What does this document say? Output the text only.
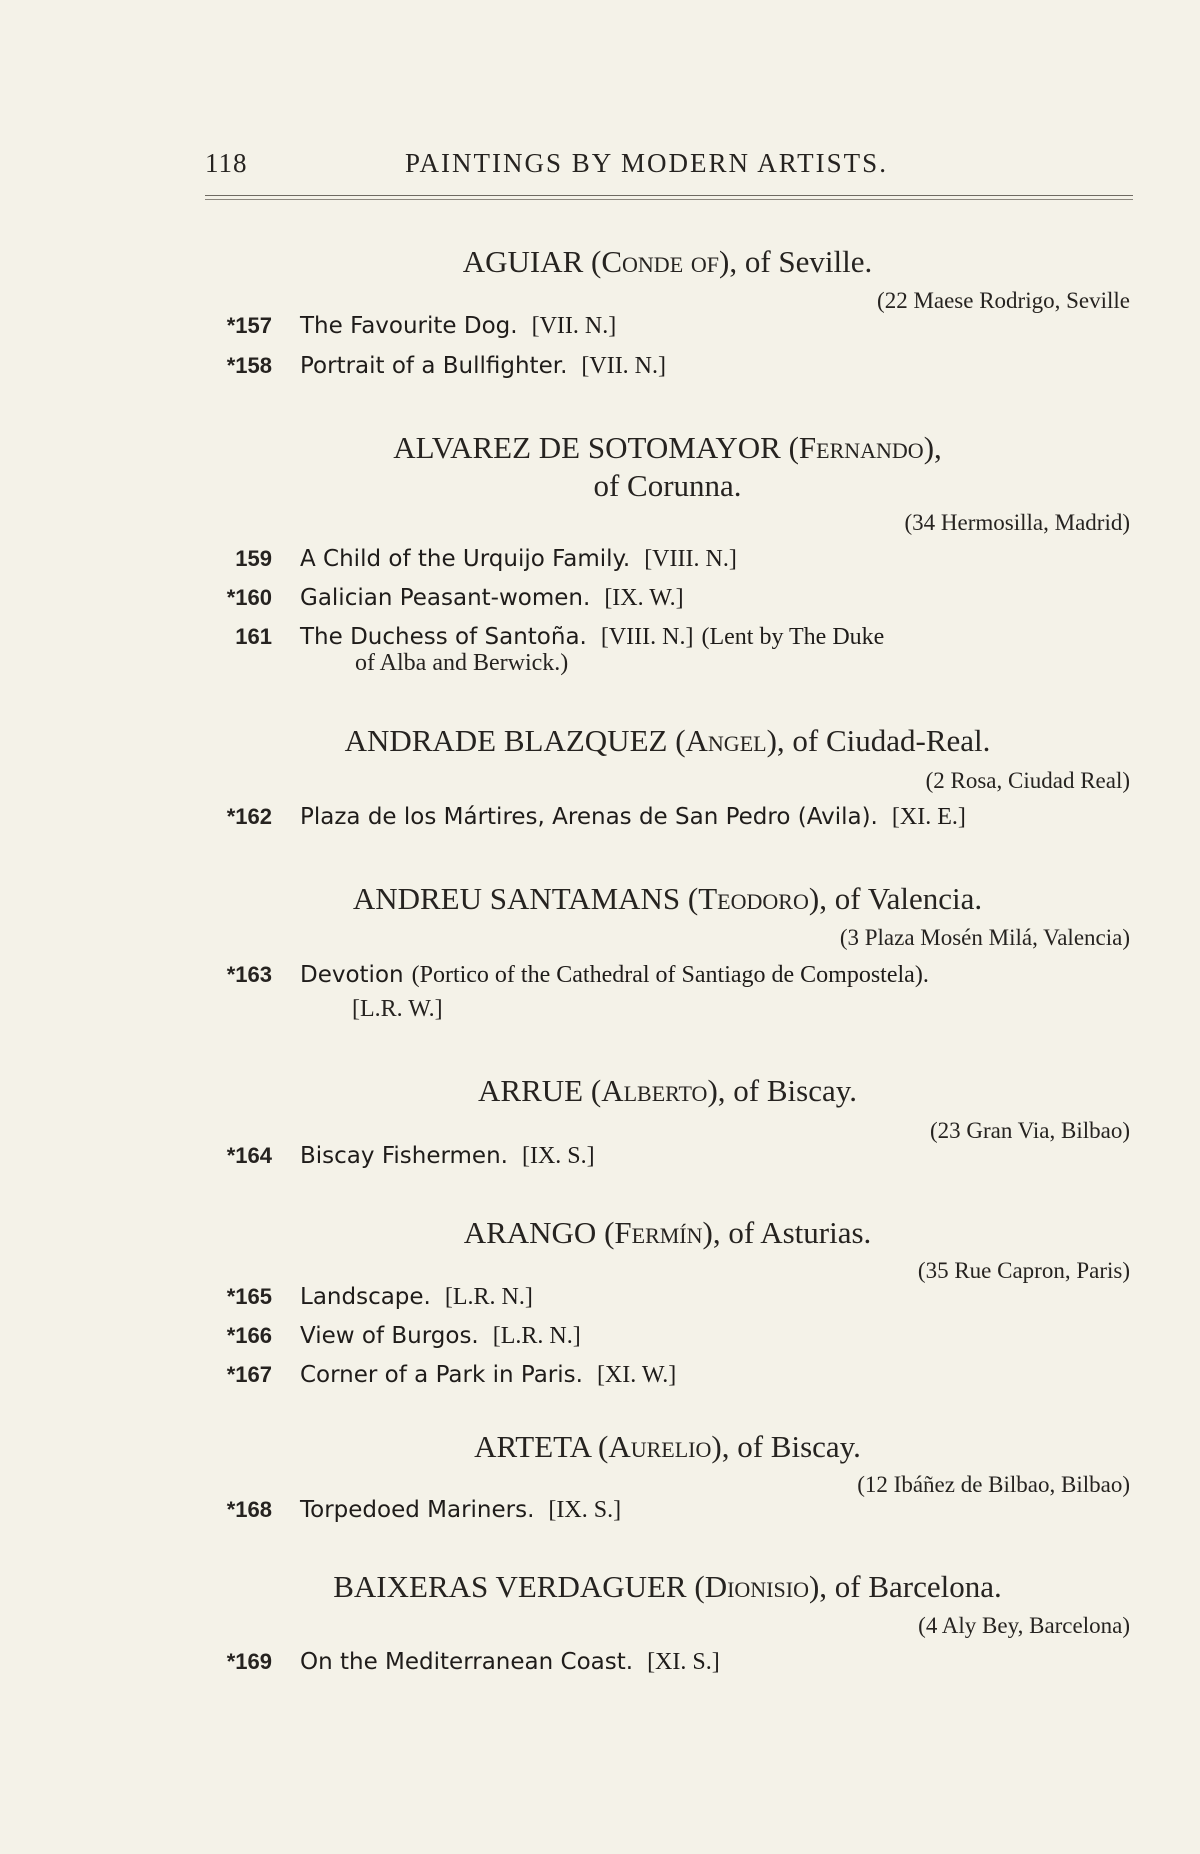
118	PAINTINGS BY MODERN ARTISTS.
AGUIAR (Conde of), of Seville.
(22 Maese Rodrigo, Seville
*157 The Favourite Dog. [VII. N.]
*158 Portrait of a Bullfighter. [VII. N.]
ALVAREZ DE SOTOMAYOR (Fernando),
of Corunna.
(34 Hermosilla, Madrid)
159 A Child of the Urquijo Family. [VIII. N.]
*160 Galician Peasant-women. [IX. W.]
161 The Duchess of Santoña. [VIII. N.] (Lent by The Duke
of Alba and Berwick.)
ANDRADE BLAZQUEZ (Angel), of Ciudad-Real.
(2 Rosa, Ciudad Real)
*162 Plaza de los Mártires, Arenas de San Pedro (Avila). [XI. E.]
ANDREU SANTAMANS (Teodoro), of Valencia.
(3 Plaza Mosén Milá, Valencia)
*163 Devotion (Portico of the Cathedral of Santiago de Compostela).
[L.R. W.]
ARRUE (Alberto), of Biscay.
(23 Gran Via, Bilbao)
*164 Biscay Fishermen. [IX. S.]
ARANGO (Fermín), of Asturias.
(35 Rue Capron, Paris)
*165 Landscape. [L.R. N.]
*166 View of Burgos. [L.R. N.]
*167 Corner of a Park in Paris. [XI. W.]
ARTETA (Aurelio), of Biscay.
(12 Ibáñez de Bilbao, Bilbao)
*168 Torpedoed Mariners. [IX. S.]
BAIXERAS VERDAGUER (Dionisio), of Barcelona.
(4 Aly Bey, Barcelona)
*169 On the Mediterranean Coast. [XI. S.]
